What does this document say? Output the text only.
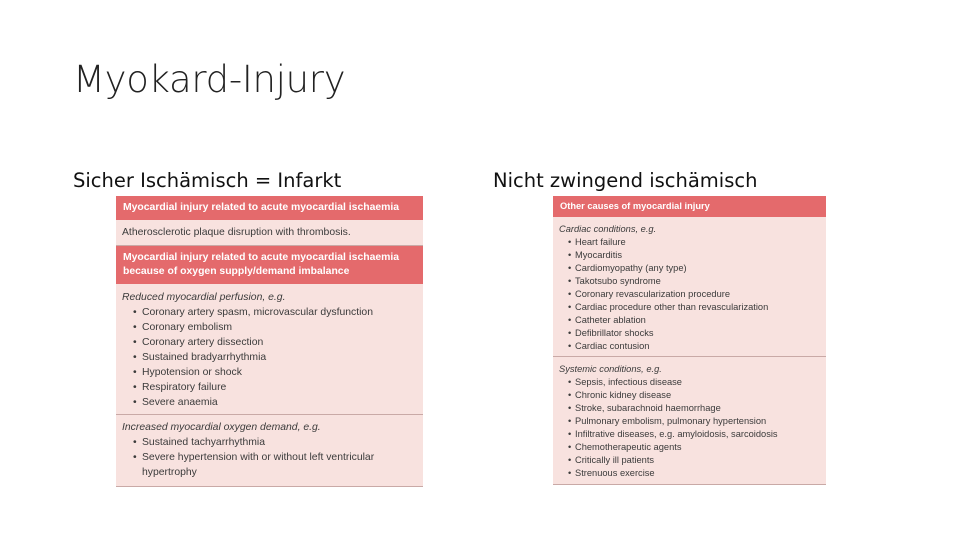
Myokard-Injury
Sicher Ischämisch = Infarkt	Nicht zwingend ischämisch
Myocardial injury related to acute myocardial ischaemia
Atherosclerotic plaque disruption with thrombosis.
Myocardial injury related to acute myocardial ischaemia
because of oxygen supply/demand imbalance
Reduced myocardial perfusion, e.g.
• Coronary artery spasm, microvascular dysfunction
• Coronary embolism
• Coronary artery dissection
• Sustained bradyarrhythmia
• Hypotension or shock
• Respiratory failure
• Severe anaemia
Increased myocardial oxygen demand, e.g.
• Sustained tachyarrhythmia
• Severe hypertension with or without left ventricular hypertrophy
Other causes of myocardial injury
Cardiac conditions, e.g.
• Heart failure
• Myocarditis
• Cardiomyopathy (any type)
• Takotsubo syndrome
• Coronary revascularization procedure
• Cardiac procedure other than revascularization
• Catheter ablation
• Defibrillator shocks
• Cardiac contusion
Systemic conditions, e.g.
• Sepsis, infectious disease
• Chronic kidney disease
• Stroke, subarachnoid haemorrhage
• Pulmonary embolism, pulmonary hypertension
• Infiltrative diseases, e.g. amyloidosis, sarcoidosis
• Chemotherapeutic agents
• Critically ill patients
• Strenuous exercise
